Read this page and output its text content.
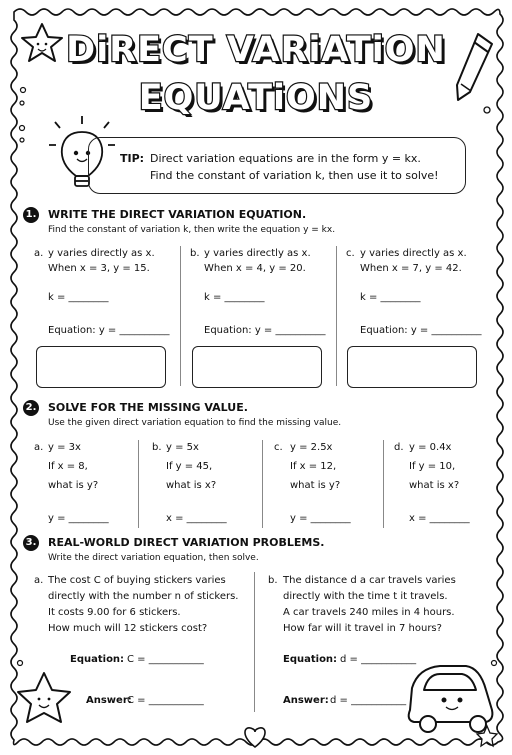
DiRECT VARiATiON
EQUATiONS
TIP: Direct variation equations are in the form y = kx.
Find the constant of variation k, then use it to solve!
1. WRITE THE DIRECT VARIATION EQUATION.
Find the constant of variation k, then write the equation y = kx.
a. y varies directly as x.
When x = 3, y = 15.
k = ________
Equation: y = __________
b. y varies directly as x.
When x = 4, y = 20.
k = ________
Equation: y = __________
c. y varies directly as x.
When x = 7, y = 42.
k = ________
Equation: y = __________
2. SOLVE FOR THE MISSING VALUE.
Use the given direct variation equation to find the missing value.
a. y = 3x
If x = 8,
what is y?
y = ________
b. y = 5x
If y = 45,
what is x?
x = ________
c. y = 2.5x
If x = 12,
what is y?
y = ________
d. y = 0.4x
If y = 10,
what is x?
x = ________
3. REAL-WORLD DIRECT VARIATION PROBLEMS.
Write the direct variation equation, then solve.
a. The cost C of buying stickers varies
directly with the number n of stickers.
It costs 9.00 for 6 stickers.
How much will 12 stickers cost?
Equation: C = ___________
Answer:
C = ___________
b. The distance d a car travels varies
directly with the time t it travels.
A car travels 240 miles in 4 hours.
How far will it travel in 7 hours?
Equation: d = ___________
Answer: d = ___________
